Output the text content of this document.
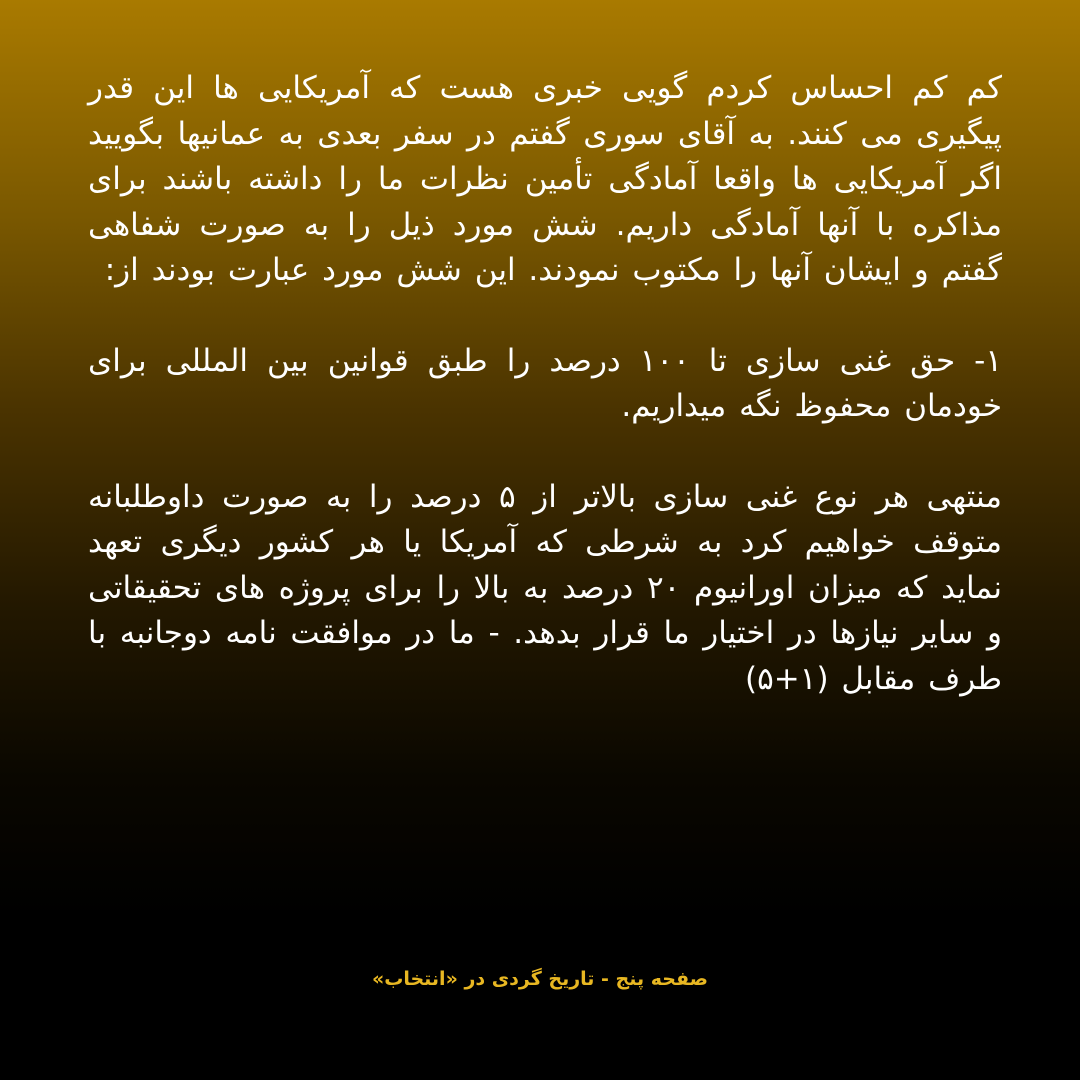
کم کم احساس کردم گویی خبری هست که آمریکایی ها این قدر پیگیری می کنند. به آقای سوری گفتم در سفر بعدی به عمانیها بگویید اگر آمریکایی ها واقعا آمادگی تأمین نظرات ما را داشته باشند برای مذاکره با آنها آمادگی داریم. شش مورد ذیل را به صورت شفاهی گفتم و ایشان آنها را مکتوب نمودند. این شش مورد عبارت بودند از:

۱- حق غنی سازی تا ۱۰۰ درصد را طبق قوانین بین المللی برای خودمان محفوظ نگه میداریم.

منتهی هر نوع غنی سازی بالاتر از ۵ درصد را به صورت داوطلبانه متوقف خواهیم کرد به شرطی که آمریکا یا هر کشور دیگری تعهد نماید که میزان اورانیوم ۲۰ درصد به بالا را برای پروژه های تحقیقاتی و سایر نیازها در اختیار ما قرار بدهد. - ما در موافقت نامه دوجانبه با طرف مقابل (۱+۵)

صفحه پنج - تاریخ گردی در «انتخاب»
